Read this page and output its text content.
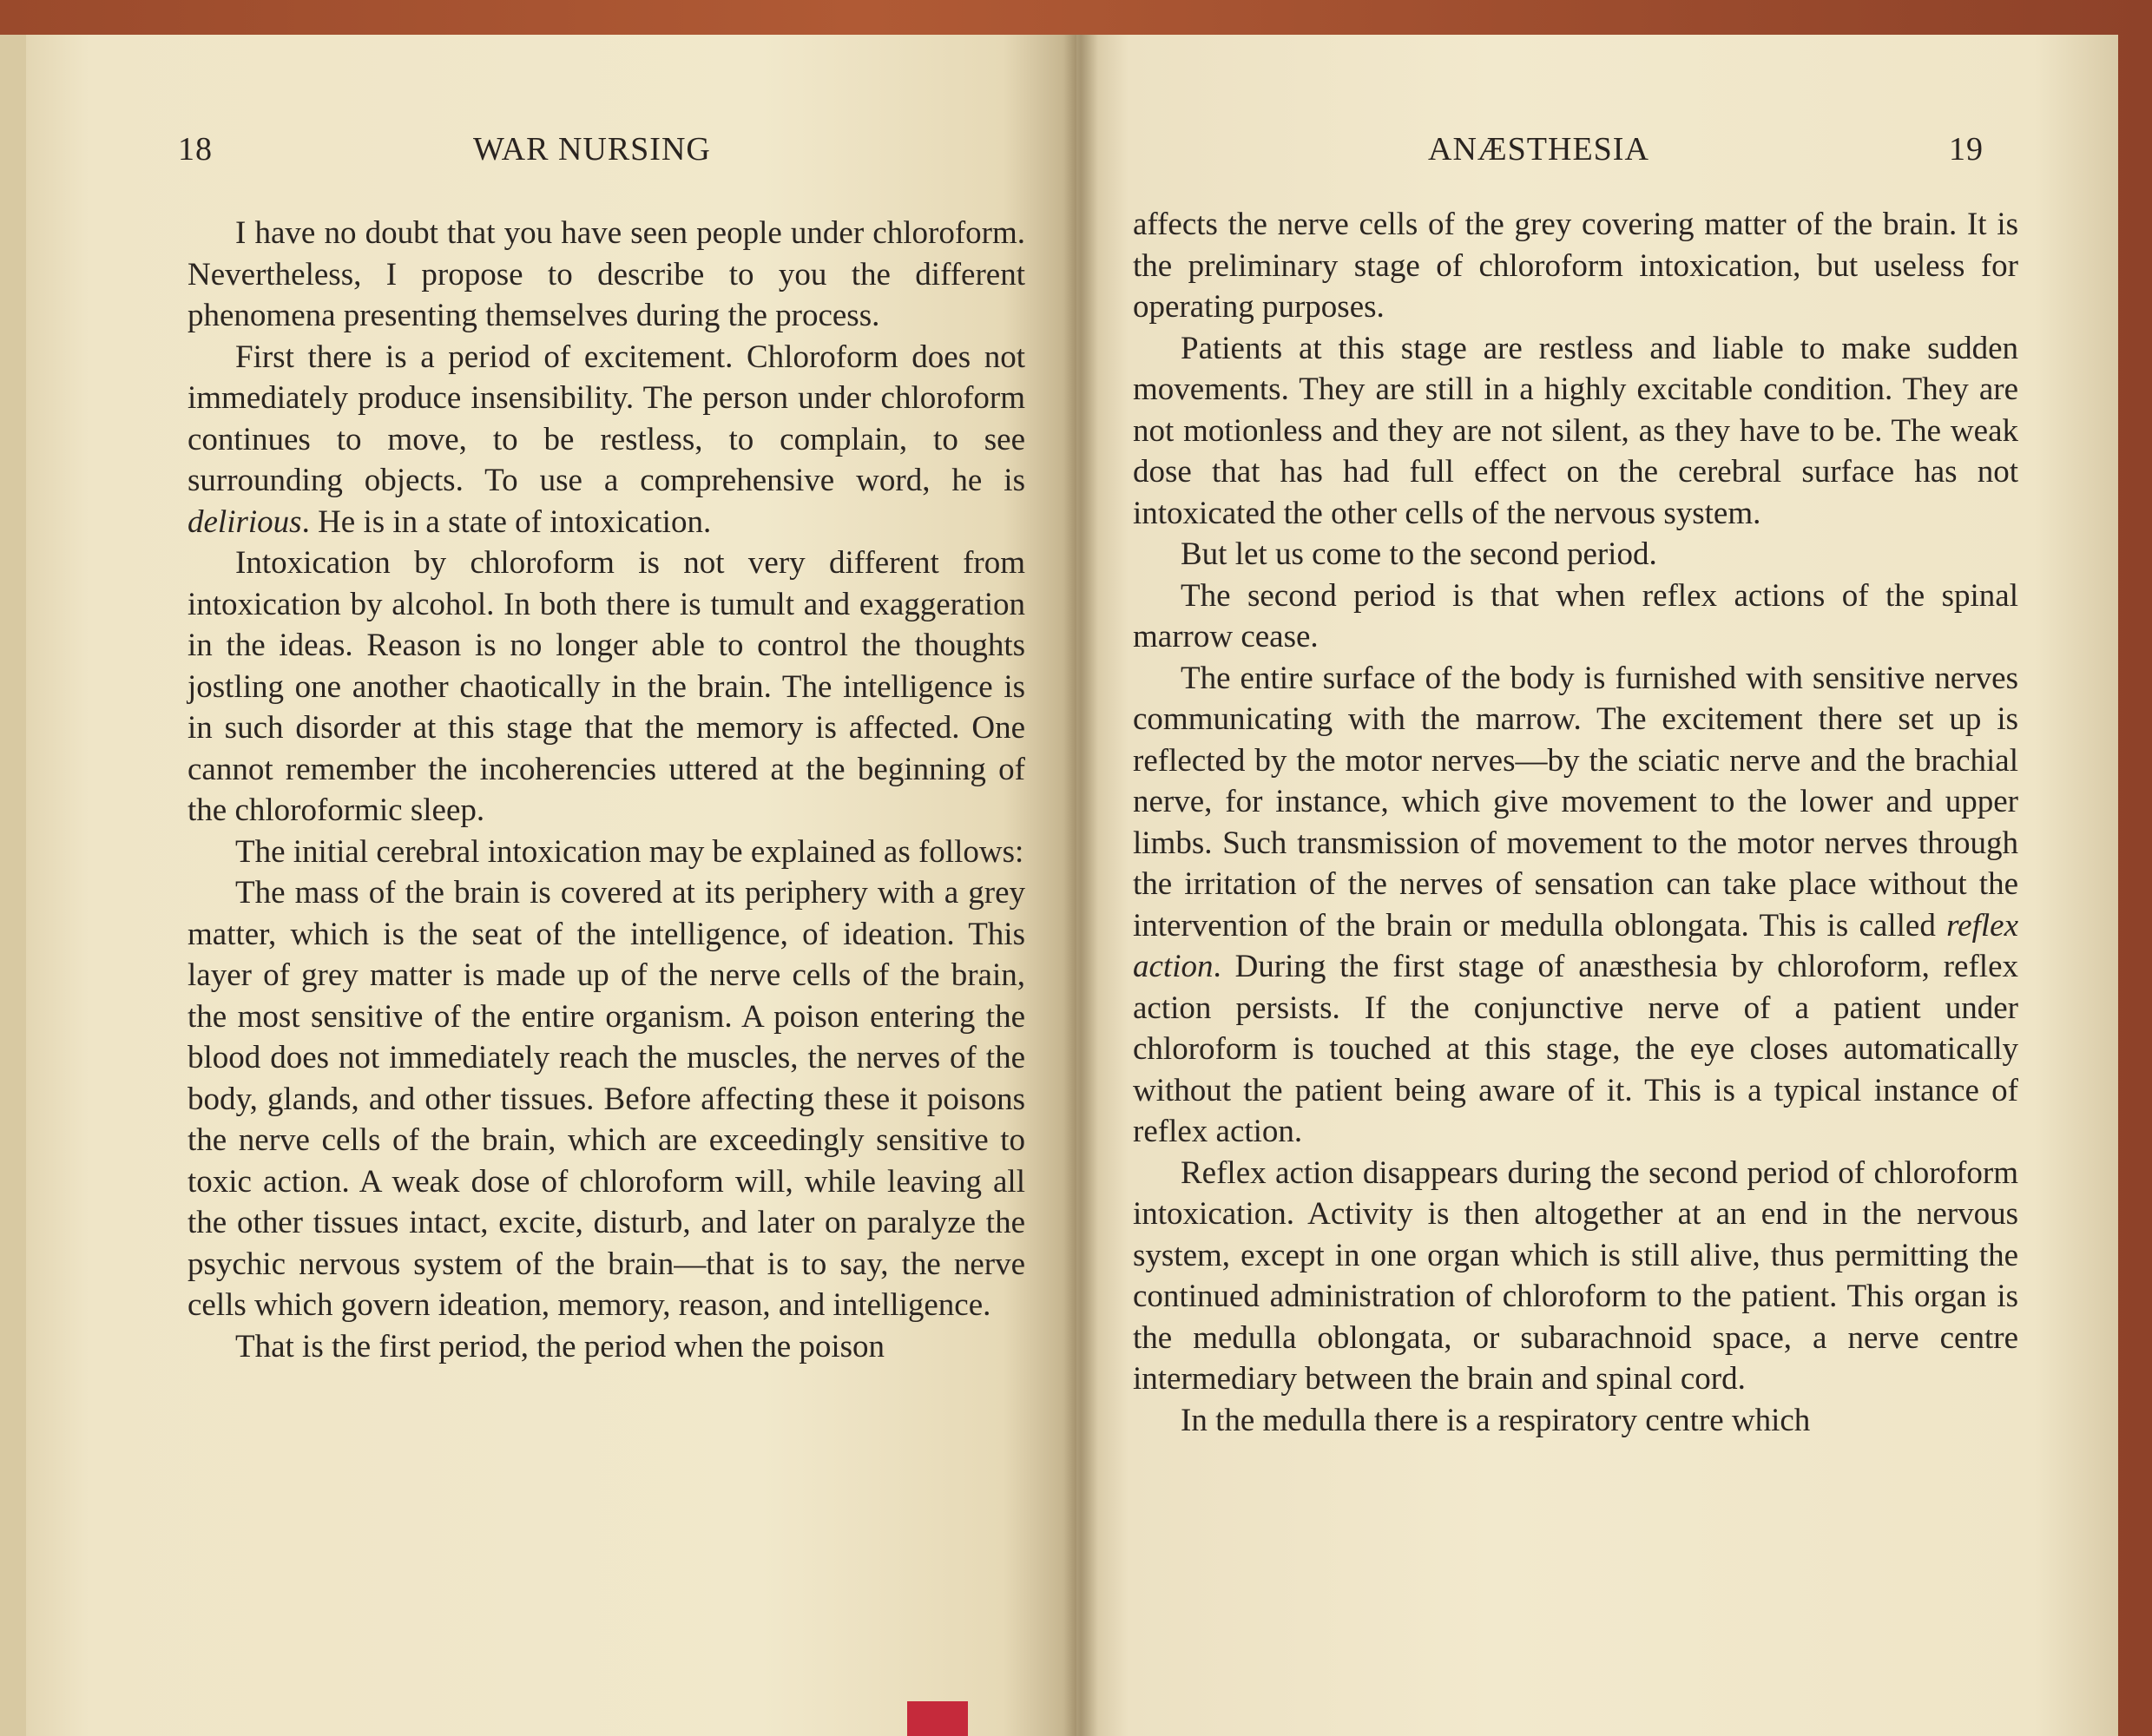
18	WAR NURSING

I have no doubt that you have seen people under chloroform. Nevertheless, I propose to describe to you the different phenomena presenting themselves during the process.

First there is a period of excitement. Chloroform does not immediately produce insensibility. The person under chloroform continues to move, to be restless, to complain, to see surrounding objects. To use a comprehensive word, he is delirious. He is in a state of intoxication.

Intoxication by chloroform is not very different from intoxication by alcohol. In both there is tumult and exaggeration in the ideas. Reason is no longer able to control the thoughts jostling one another chaotically in the brain. The intelligence is in such disorder at this stage that the memory is affected. One cannot remember the incoherencies uttered at the beginning of the chloroformic sleep.

The initial cerebral intoxication may be explained as follows:

The mass of the brain is covered at its periphery with a grey matter, which is the seat of the intelligence, of ideation. This layer of grey matter is made up of the nerve cells of the brain, the most sensitive of the entire organism. A poison entering the blood does not immediately reach the muscles, the nerves of the body, glands, and other tissues. Before affecting these it poisons the nerve cells of the brain, which are exceedingly sensitive to toxic action. A weak dose of chloroform will, while leaving all the other tissues intact, excite, disturb, and later on paralyze the psychic nervous system of the brain—that is to say, the nerve cells which govern ideation, memory, reason, and intelligence.

That is the first period, the period when the poison

ANÆSTHESIA	19

affects the nerve cells of the grey covering matter of the brain. It is the preliminary stage of chloroform intoxication, but useless for operating purposes.

Patients at this stage are restless and liable to make sudden movements. They are still in a highly excitable condition. They are not motionless and they are not silent, as they have to be. The weak dose that has had full effect on the cerebral surface has not intoxicated the other cells of the nervous system.

But let us come to the second period.

The second period is that when reflex actions of the spinal marrow cease.

The entire surface of the body is furnished with sensitive nerves communicating with the marrow. The excitement there set up is reflected by the motor nerves—by the sciatic nerve and the brachial nerve, for instance, which give movement to the lower and upper limbs. Such transmission of movement to the motor nerves through the irritation of the nerves of sensation can take place without the intervention of the brain or medulla oblongata. This is called reflex action. During the first stage of anæsthesia by chloroform, reflex action persists. If the conjunctive nerve of a patient under chloroform is touched at this stage, the eye closes automatically without the patient being aware of it. This is a typical instance of reflex action.

Reflex action disappears during the second period of chloroform intoxication. Activity is then altogether at an end in the nervous system, except in one organ which is still alive, thus permitting the continued administration of chloroform to the patient. This organ is the medulla oblongata, or subarachnoid space, a nerve centre intermediary between the brain and spinal cord.

In the medulla there is a respiratory centre which
